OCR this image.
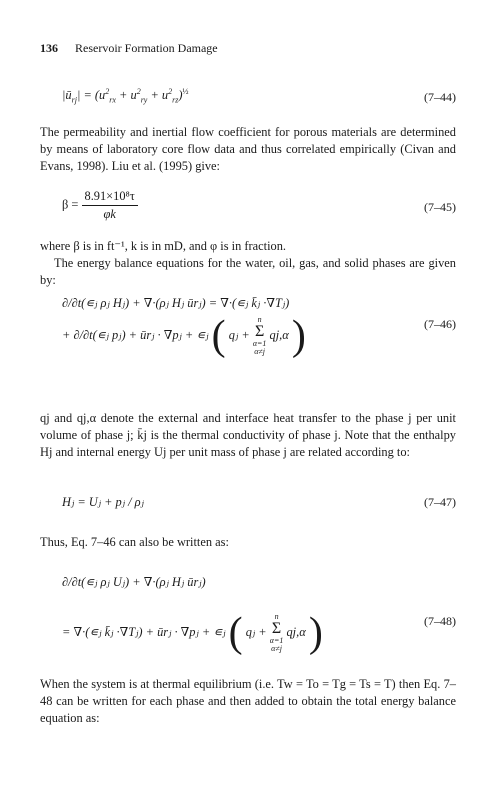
136 Reservoir Formation Damage
$|ū_{rj}| = (u^2_{rx} + u^2_{ry} + u^2_{rz})^{\frac{1}{2}}$	(7–44)
The permeability and inertial flow coefficient for porous materials are determined by means of laboratory core flow data and thus correlated empirically (Civan and Evans, 1998). Liu et al. (1995) give:
$\beta = \frac{\text{8.91×10⁸τ}}{\varphi k}$	(7–45)
where β is in ft⁻¹, k is in mD, and φ is in fraction.
The energy balance equations for the water, oil, gas, and solid phases are given by:
∂/∂t(∊ⱼ ρⱼ Hⱼ) + ∇·(ρⱼ Hⱼ ūrⱼ) = ∇·(∊ⱼ k̄ⱼ ·∇Tⱼ)
+ ∂/∂t(∊ⱼ pⱼ) + ūrⱼ · ∇pⱼ + ∊ⱼ ( qⱼ + n
Σ
α=1
α≠j qj,α )	(7–46)
qj and qj,α denote the external and interface heat transfer to the phase j per unit volume of phase j; k̄j is the thermal conductivity of phase j. Note that the enthalpy Hj and internal energy Uj per unit mass of phase j are related according to:
Hⱼ = Uⱼ + pⱼ / ρⱼ	(7–47)
Thus, Eq. 7–46 can also be written as:
∂/∂t(∊ⱼ ρⱼ Uⱼ) + ∇·(ρⱼ Hⱼ ūrⱼ)
= ∇·(∊ⱼ k̄ⱼ ·∇Tⱼ) + ūrⱼ · ∇pⱼ + ∊ⱼ ( qⱼ + n
Σ
α=1
α≠j qj,α )	(7–48)
When the system is at thermal equilibrium (i.e. Tw = To = Tg = Ts = T) then Eq. 7–48 can be written for each phase and then added to obtain the total energy balance equation as:
